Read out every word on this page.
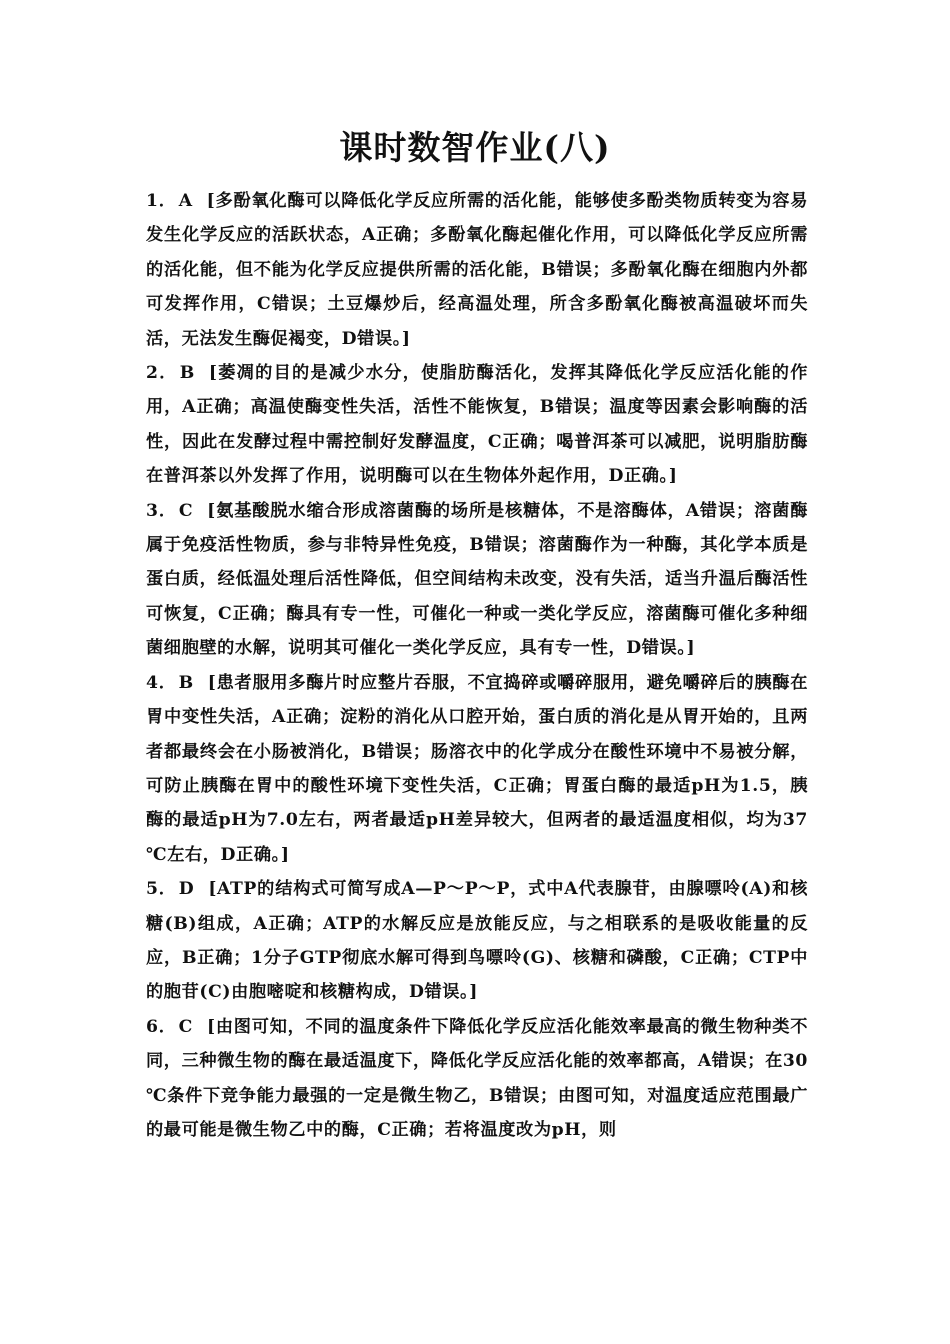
课时数智作业(八)

1． A [多酚氧化酶可以降低化学反应所需的活化能，能够使多酚类物质转变为容易发生化学反应的活跃状态，A正确；多酚氧化酶起催化作用，可以降低化学反应所需的活化能，但不能为化学反应提供所需的活化能，B错误；多酚氧化酶在细胞内外都可发挥作用，C错误；土豆爆炒后，经高温处理，所含多酚氧化酶被高温破坏而失活，无法发生酶促褐变，D错误。]

2． B [萎凋的目的是减少水分，使脂肪酶活化，发挥其降低化学反应活化能的作用，A正确；高温使酶变性失活，活性不能恢复，B错误；温度等因素会影响酶的活性，因此在发酵过程中需控制好发酵温度，C正确；喝普洱茶可以减肥，说明脂肪酶在普洱茶以外发挥了作用，说明酶可以在生物体外起作用，D正确。]

3． C [氨基酸脱水缩合形成溶菌酶的场所是核糖体，不是溶酶体，A错误；溶菌酶属于免疫活性物质，参与非特异性免疫，B错误；溶菌酶作为一种酶，其化学本质是蛋白质，经低温处理后活性降低，但空间结构未改变，没有失活，适当升温后酶活性可恢复，C正确；酶具有专一性，可催化一种或一类化学反应，溶菌酶可催化多种细菌细胞壁的水解，说明其可催化一类化学反应，具有专一性，D错误。]

4． B [患者服用多酶片时应整片吞服，不宜捣碎或嚼碎服用，避免嚼碎后的胰酶在胃中变性失活，A正确；淀粉的消化从口腔开始，蛋白质的消化是从胃开始的，且两者都最终会在小肠被消化，B错误；肠溶衣中的化学成分在酸性环境中不易被分解，可防止胰酶在胃中的酸性环境下变性失活，C正确；胃蛋白酶的最适pH为1.5，胰酶的最适pH为7.0左右，两者最适pH差异较大，但两者的最适温度相似，均为37 ℃左右，D正确。]

5． D [ATP的结构式可简写成A—P～P～P，式中A代表腺苷，由腺嘌呤(A)和核糖(B)组成，A正确；ATP的水解反应是放能反应，与之相联系的是吸收能量的反应，B正确；1分子GTP彻底水解可得到鸟嘌呤(G)、核糖和磷酸，C正确；CTP中的胞苷(C)由胞嘧啶和核糖构成，D错误。]

6． C [由图可知，不同的温度条件下降低化学反应活化能效率最高的微生物种类不同，三种微生物的酶在最适温度下，降低化学反应活化能的效率都高，A错误；在30 ℃条件下竞争能力最强的一定是微生物乙，B错误；由图可知，对温度适应范围最广的最可能是微生物乙中的酶，C正确；若将温度改为pH，则
